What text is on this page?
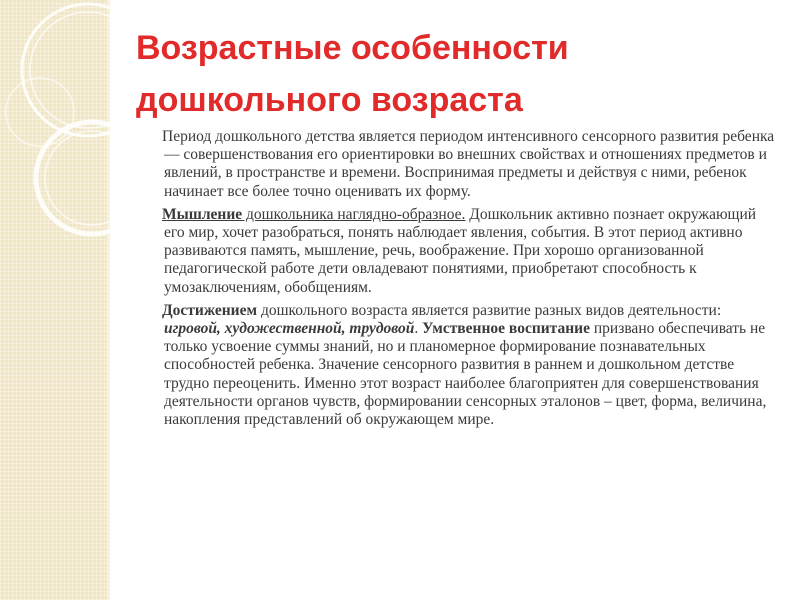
Возрастные особенности
дошкольного возраста

Период дошкольного детства является периодом интенсивного сенсорного развития ребенка — совершенствования его ориентировки во внешних свойствах и отношениях предметов и явлений, в пространстве и времени. Воспринимая предметы и действуя с ними, ребенок начинает все более точно оценивать их форму.

Мышление дошкольника наглядно-образное. Дошкольник активно познает окружающий его мир, хочет разобраться, понять наблюдает явления, события. В этот период активно развиваются память, мышление, речь, воображение. При хорошо организованной педагогической работе дети овладевают понятиями, приобретают способность к умозаключениям, обобщениям.

Достижением дошкольного возраста является развитие разных видов деятельности: игровой, художественной, трудовой. Умственное воспитание призвано обеспечивать не только усвоение суммы знаний, но и планомерное формирование познавательных способностей ребенка. Значение сенсорного развития в раннем и дошкольном детстве трудно переоценить. Именно этот возраст наиболее благоприятен для совершенствования деятельности органов чувств, формировании сенсорных эталонов – цвет, форма, величина, накопления представлений об окружающем мире.
